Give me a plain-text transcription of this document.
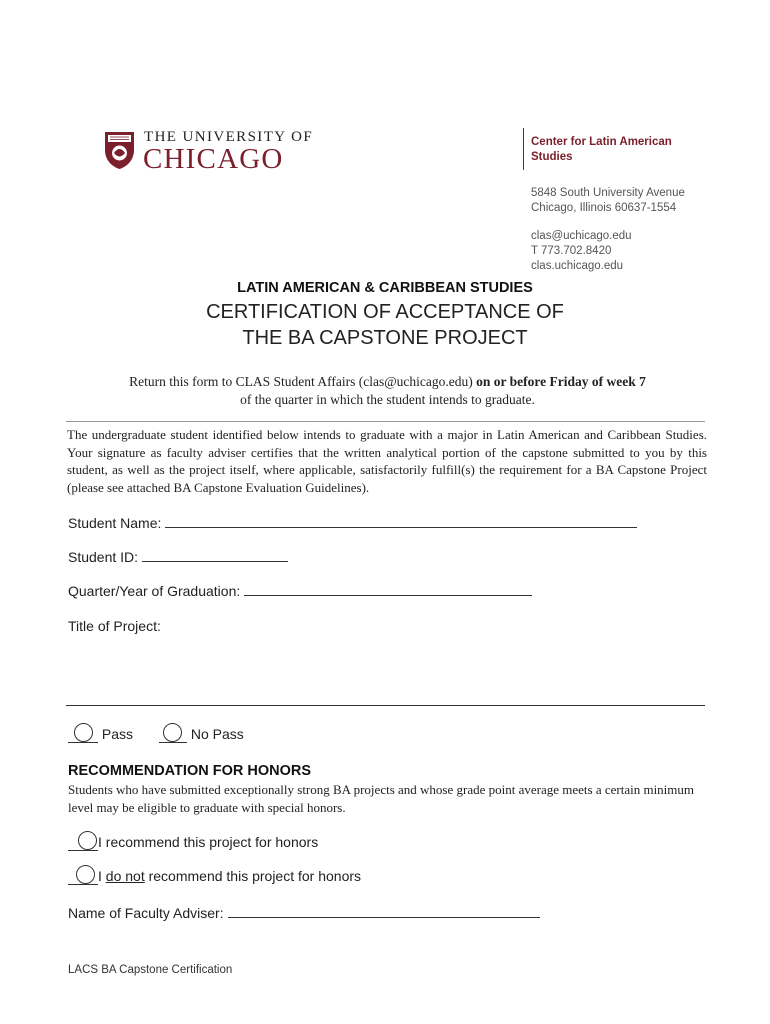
THE UNIVERSITY OF
CHICAGO
Center for Latin American Studies
5848 South University Avenue
Chicago, Illinois 60637-1554
clas@uchicago.edu
T 773.702.8420
clas.uchicago.edu
LATIN AMERICAN & CARIBBEAN STUDIES
CERTIFICATION OF ACCEPTANCE OF
THE BA CAPSTONE PROJECT
Return this form to CLAS Student Affairs (clas@uchicago.edu) on or before Friday of week 7
of the quarter in which the student intends to graduate.
The undergraduate student identified below intends to graduate with a major in Latin American and Caribbean Studies. Your signature as faculty adviser certifies that the written analytical portion of the capstone submitted to you by this student, as well as the project itself, where applicable, satisfactorily fulfill(s) the requirement for a BA Capstone Project (please see attached BA Capstone Evaluation Guidelines).
Student Name:
Student ID:
Quarter/Year of Graduation:
Title of Project:
Pass	No Pass
RECOMMENDATION FOR HONORS
Students who have submitted exceptionally strong BA projects and whose grade point average meets a certain minimum level may be eligible to graduate with special honors.
I recommend this project for honors
I do not recommend this project for honors
Name of Faculty Adviser:
LACS BA Capstone Certification
